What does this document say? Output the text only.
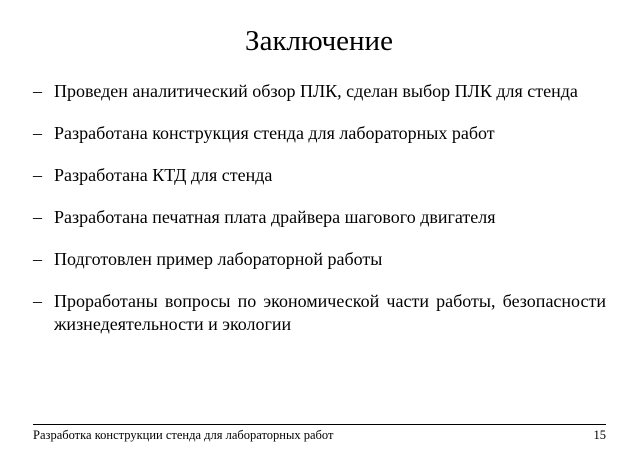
Заключение
– Проведен аналитический обзор ПЛК, сделан выбор ПЛК для стенда
– Разработана конструкция стенда для лабораторных работ
– Разработана КТД для стенда
– Разработана печатная плата драйвера шагового двигателя
– Подготовлен пример лабораторной работы
– Проработаны вопросы по экономической части работы, безопасности жизнедеятельности и экологии
Разработка конструкции стенда для лабораторных работ	15
